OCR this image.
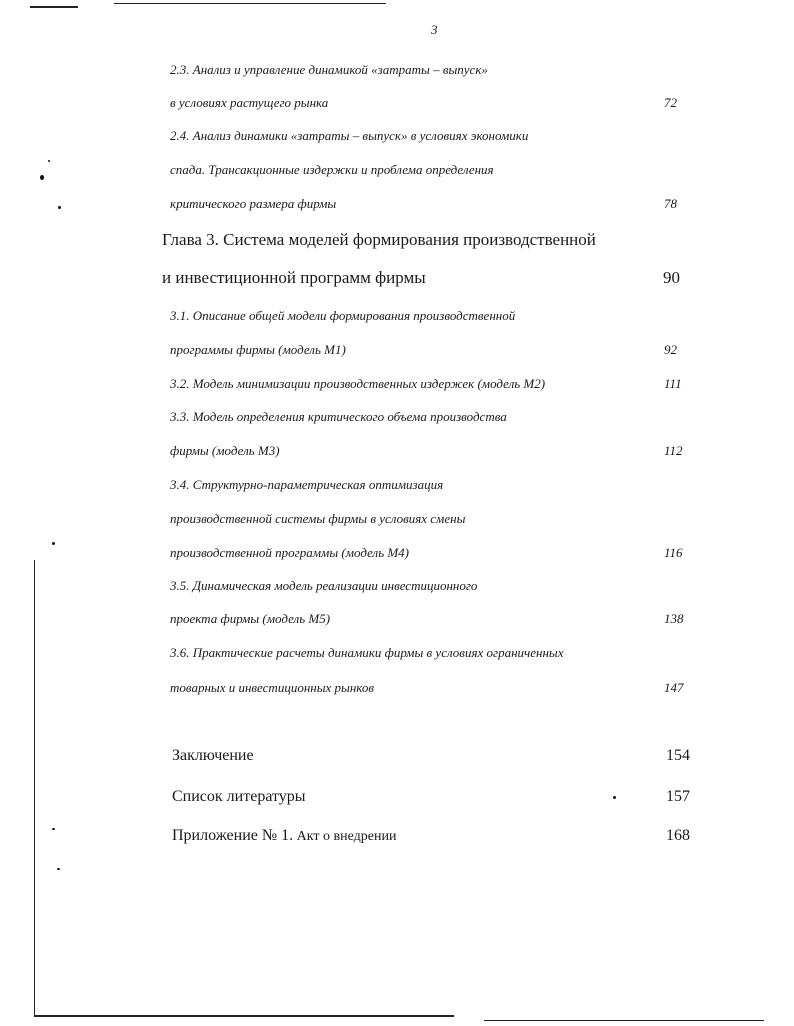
3
2.3. Анализ и управление динамикой «затраты – выпуск»
в условиях растущего рынка	72
2.4. Анализ динамики «затраты – выпуск» в условиях экономики
спада. Трансакционные издержки и проблема определения
критического размера фирмы	78
Глава 3. Система моделей формирования производственной
и инвестиционной программ фирмы	90
3.1. Описание общей модели формирования производственной
программы фирмы (модель М1)	92
3.2. Модель минимизации производственных издержек (модель М2)	111
3.3. Модель определения критического объема производства
фирмы (модель М3)	112
3.4. Структурно-параметрическая оптимизация
производственной системы фирмы в условиях смены
производственной программы (модель М4)	116
3.5. Динамическая модель реализации инвестиционного
проекта фирмы (модель М5)	138
3.6. Практические расчеты динамики фирмы в условиях ограниченных
товарных и инвестиционных рынков	147
Заключение	154
Список литературы	157
Приложение № 1. Акт о внедрении	168
